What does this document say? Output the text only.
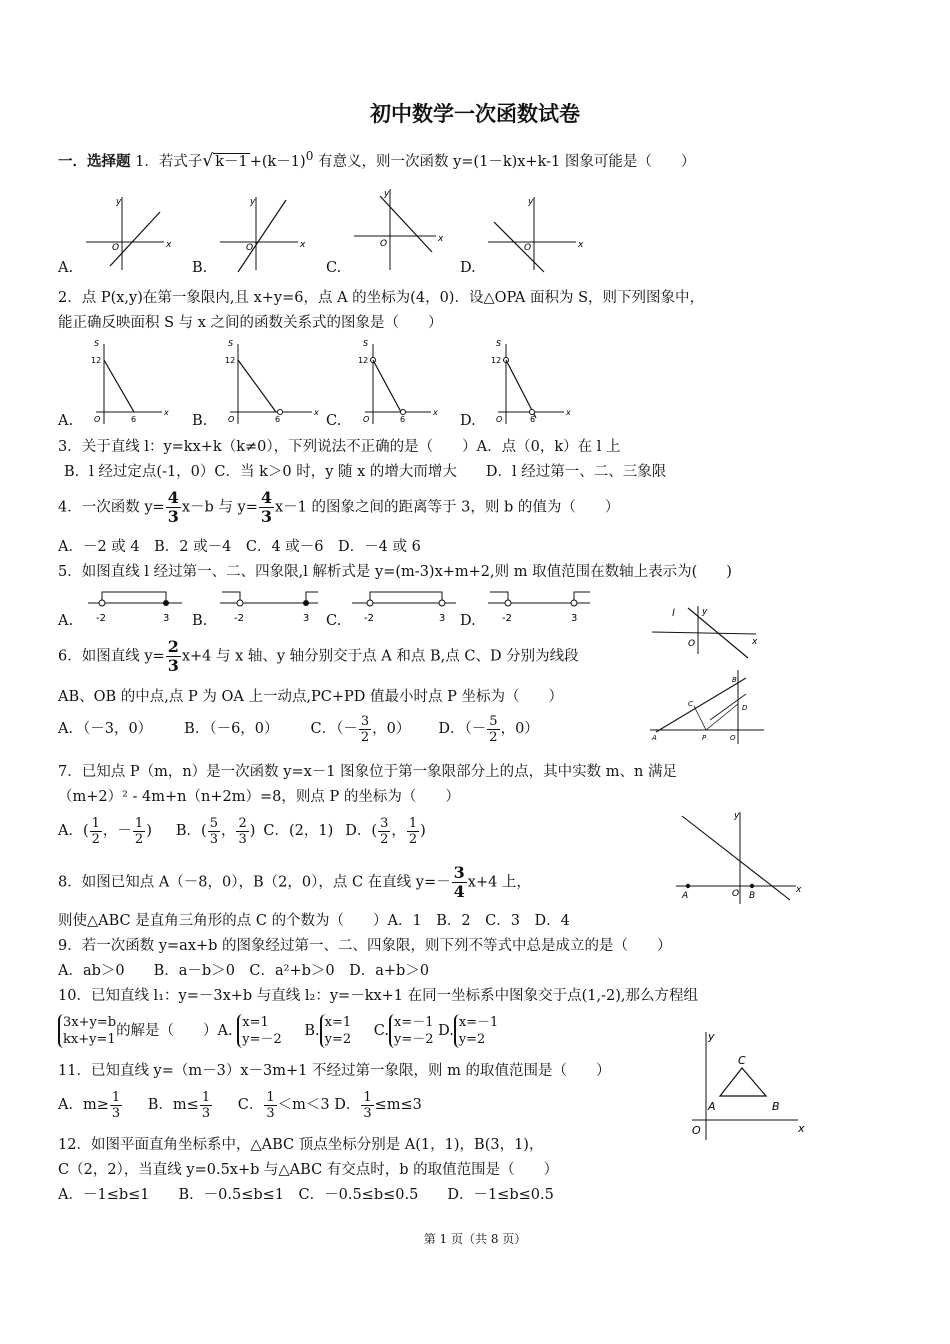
初中数学一次函数试卷
一．选择题 1．若式子√ $k-1 +(k-1)^0$ 有意义，则一次函数 y=(1－k)x+k-1 图象可能是（　　）
A.	B.	C.	D.
x
y
O	x
y
O
x
y
O	x
y
O
2．点 P(x,y)在第一象限内,且 x+y=6，点 A 的坐标为(4，0)．设△OPA 面积为 S，则下列图象中，
能正确反映面积 S 与 x 之间的函数关系式的图象是（　　）
A.	B.	C.	D.
12
S
6
O
x
12
S
6
O
x
12
S
6
O
x
12
S
6
O
x
3．关于直线 l：y=kx+k（k≠0），下列说法不正确的是（　　）A．点（0，k）在 l 上
B．l 经过定点(-1，0）C．当 k＞0 时，y 随 x 的增大而增大　　D．l 经过第一、二、三象限
4．一次函数 $y= \frac{4}{3} x-b$ 与 $y= \frac{4}{3} x-1$ 的图象之间的距离等于 3，则 b 的值为（　　）
A．－2 或 4　B．2 或－4　C．4 或－6　D．－4 或 6
5．如图直线 l 经过第一、二、四象限,l 解析式是 y=(m-3)x+m+2,则 m 取值范围在数轴上表示为(　　)
A.	B.	C.	D.
-2	3	-2	3	-2	3	-2	3	l	y
O	x
6．如图直线 $y= \frac{2}{3} x+4$ 与 x 轴、y 轴分别交于点 A 和点 B,点 C、D 分别为线段
AB、OB 的中点,点 P 为 OA 上一动点,PC+PD 值最小时点 P 坐标为（　　）
A．（－3，0） B．（－6，0） C．（－ $\frac{3}{2}$ ，0） D．（－ $\frac{5}{2}$ ，0）
A
B
C	D
P	O
7．已知点 P（m，n）是一次函数 y=x－1 图象位于第一象限部分上的点，其中实数 m、n 满足
（m+2）² - 4m+n（n+2m）=8，则点 P 的坐标为（　　）
A．( $\frac{1}{2}$ ，－ $\frac{1}{2}$ ) B．( $\frac{5}{3}$ ， $\frac{2}{3}$ ) C．(2，1) D．( $\frac{3}{2}$ ， $\frac{1}{2}$ )
A	B
O
y
x
8．如图已知点 A（－8，0），B（2，0），点 C 在直线 $y=- \frac{3}{4} x+4$ 上，
则使△ABC 是直角三角形的点 C 的个数为（　　）A．1　B．2　C．3　D．4
9．若一次函数 y=ax+b 的图象经过第一、二、四象限，则下列不等式中总是成立的是（　　）
A．ab＞0　　B．a－b＞0　C．a²+b＞0　D．a+b＞0
10．已知直线 l₁：y=－3x+b 与直线 l₂：y=－kx+1 在同一坐标系中图象交于点(1,-2),那么方程组
3x+y=b
kx+y=1的解是（　　）A. x=1
y=－2 B.x=1
y=2 C.x=－1
y=－2 D.x=－1
y=2
11．已知直线 y=（m－3）x－3m+1 不经过第一象限，则 m 的取值范围是（　　）
A．$m\ge \frac{1}{3}$ B．$m\le \frac{1}{3}$ C． $\frac{1}{3} <m<3$ D． $\frac{1}{3} \le m\le 3$
y
x
O
A	B
C
12．如图平面直角坐标系中，△ABC 顶点坐标分别是 A(1，1)，B(3，1)，
C（2，2），当直线 y=0.5x+b 与△ABC 有交点时，b 的取值范围是（　　）
A．－1≤b≤1　　B．－0.5≤b≤1　C．－0.5≤b≤0.5　　D．－1≤b≤0.5
第 1 页（共 8 页）
